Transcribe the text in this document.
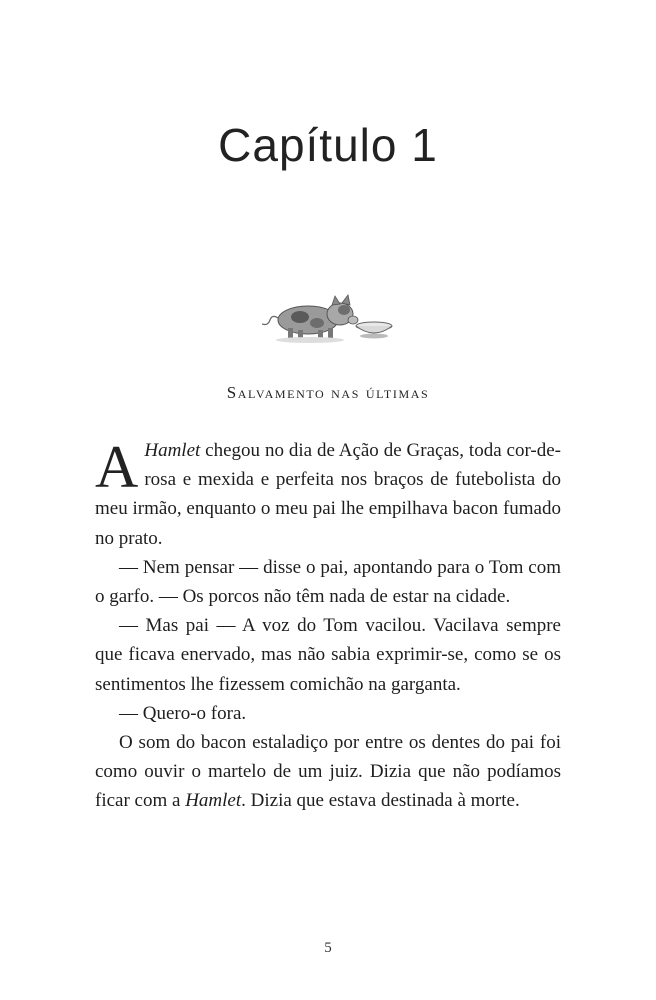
Capítulo 1
Salvamento nas últimas

A Hamlet chegou no dia de Ação de Graças, toda cor-de-rosa e mexida e perfeita nos braços de futebolista do meu irmão, enquanto o meu pai lhe empilhava bacon fumado no prato.

— Nem pensar — disse o pai, apontando para o Tom com o garfo. — Os porcos não têm nada de estar na cidade.

— Mas pai — A voz do Tom vacilou. Vacilava sempre que ficava enervado, mas não sabia exprimir-se, como se os sentimentos lhe fizessem comichão na garganta.

— Quero-o fora.

O som do bacon estaladiço por entre os dentes do pai foi como ouvir o martelo de um juiz. Dizia que não podíamos ficar com a Hamlet. Dizia que estava destinada à morte.

5
